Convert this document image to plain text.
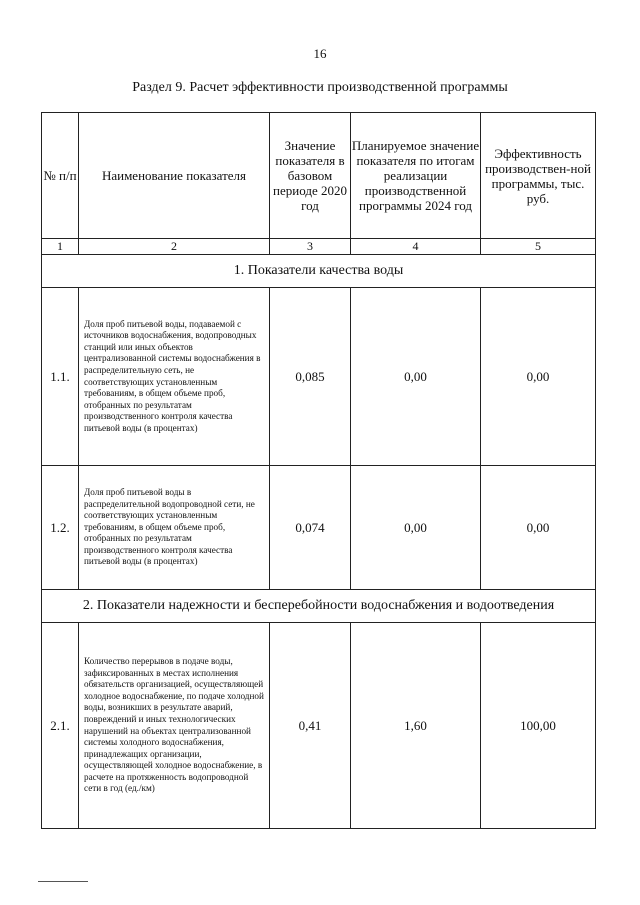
16
Раздел 9. Расчет эффективности производственной программы
№ п/п	Наименование показателя	Значение показателя в базовом периоде 2020 год	Планируемое значение показателя по итогам реализации производственной программы 2024 год	Эффективность производствен-ной программы, тыс. руб.
1	2	3	4	5
1. Показатели качества воды				
1.1.	Доля проб питьевой воды, подаваемой с источников водоснабжения, водопроводных станций или иных объектов централизованной системы водоснабжения в распределительную сеть, не соответствующих установленным требованиям, в общем объеме проб, отобранных по результатам производственного контроля качества питьевой воды (в процентах)	0,085	0,00	0,00
1.2.	Доля проб питьевой воды в распределительной водопроводной сети, не соответствующих установленным требованиям, в общем объеме проб, отобранных по результатам производственного контроля качества питьевой воды (в процентах)	0,074	0,00	0,00
2. Показатели надежности и бесперебойности водоснабжения и водоотведения				
2.1.	Количество перерывов в подаче воды, зафиксированных в местах исполнения обязательств организацией, осуществляющей холодное водоснабжение, по подаче холодной воды, возникших в результате аварий, повреждений и иных технологических нарушений на объектах централизованной системы холодного водоснабжения, принадлежащих организации, осуществляющей холодное водоснабжение, в расчете на протяженность водопроводной сети в год (ед./км)	0,41	1,60	100,00
